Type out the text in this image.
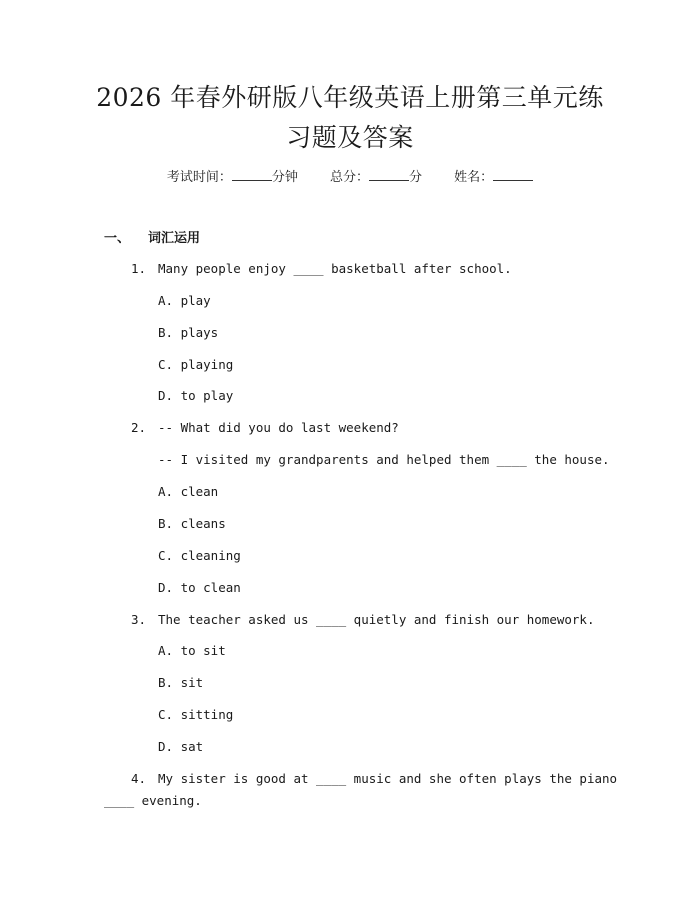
2026 年春外研版八年级英语上册第三单元练
习题及答案
考试时间：	分钟 总分：	分 姓名：
一、 词汇运用
1. Many people enjoy ____ basketball after school.
A. play
B. plays
C. playing
D. to play
2. -- What did you do last weekend?
-- I visited my grandparents and helped them ____ the house.
A. clean
B. cleans
C. cleaning
D. to clean
3. The teacher asked us ____ quietly and finish our homework.
A. to sit
B. sit
C. sitting
D. sat
4. My sister is good at ____ music and she often plays the piano
____ evening.
